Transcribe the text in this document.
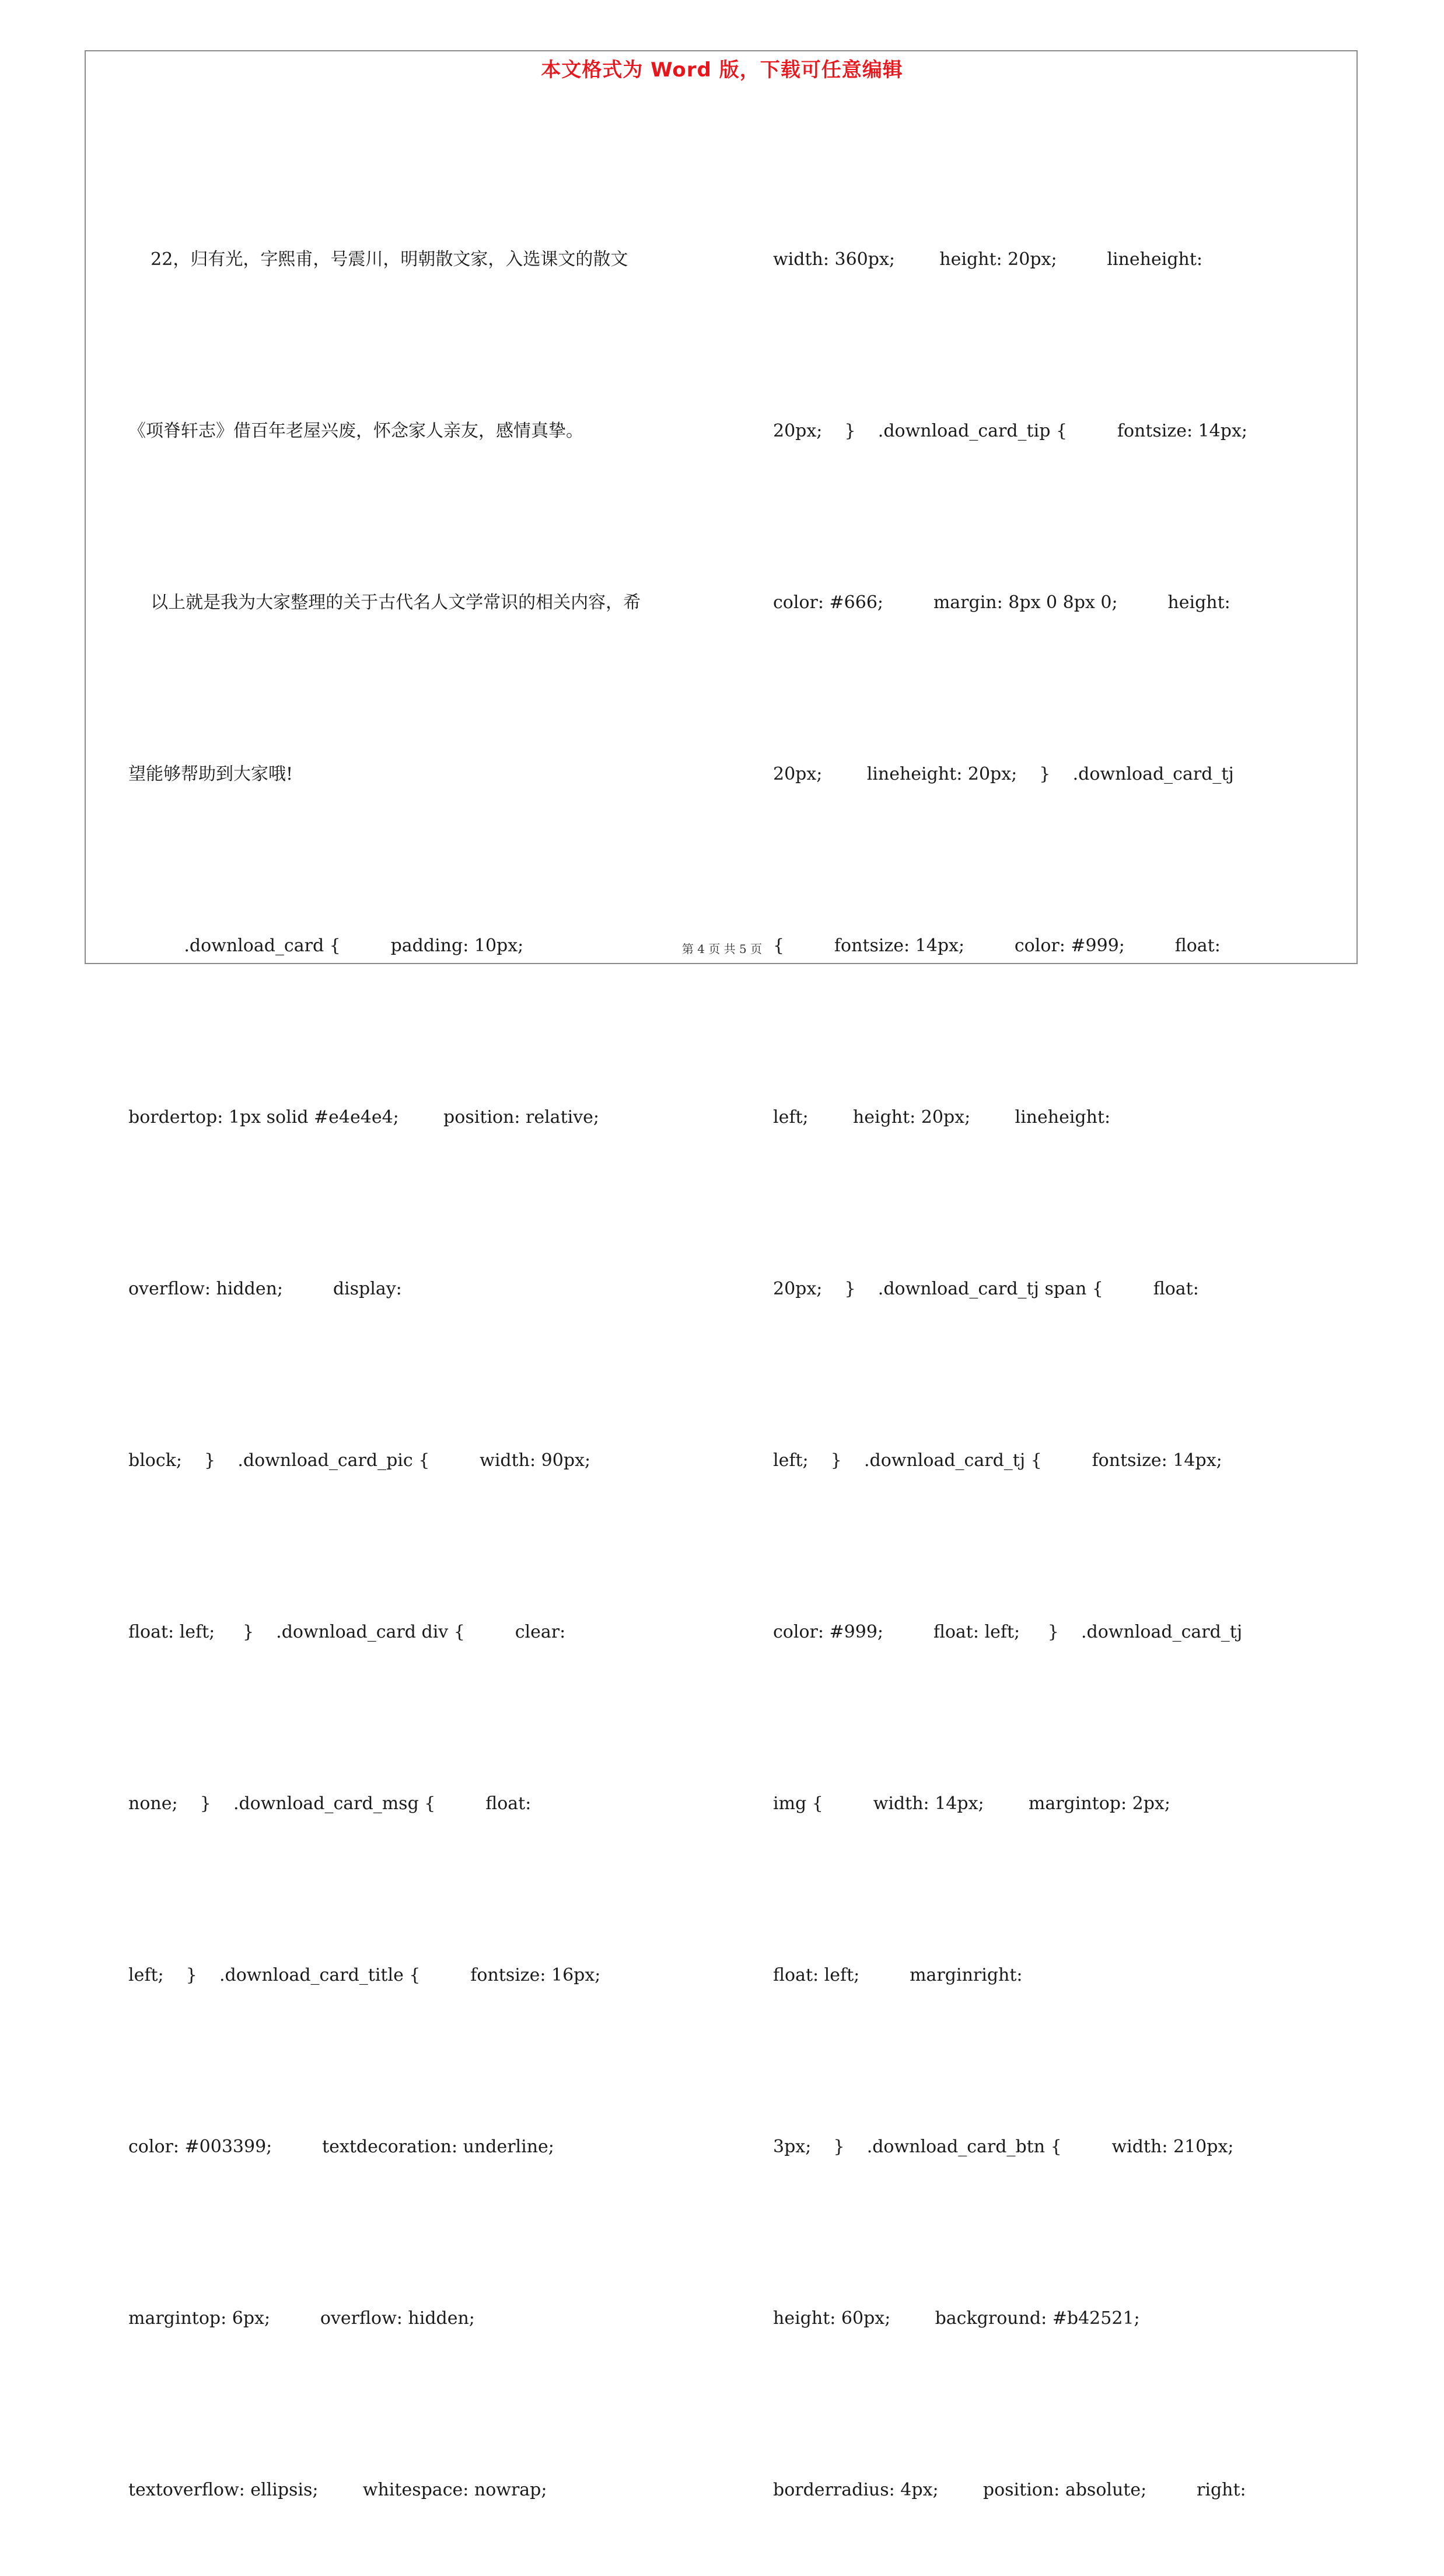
本文格式为 Word 版，下载可任意编辑

22，归有光，字熙甫，号震川，明朝散文家，入选课文的散文

《项脊轩志》借百年老屋兴废，怀念家人亲友，感情真挚。

以上就是我为大家整理的关于古代名人文学常识的相关内容，希

望能够帮助到大家哦!

.download_card {         padding: 10px;

bordertop: 1px solid #e4e4e4;        position: relative;

overflow: hidden;         display:

block;    }    .download_card_pic {         width: 90px;

float: left;     }    .download_card div {         clear:

none;    }    .download_card_msg {         float:

left;    }    .download_card_title {         fontsize: 16px;

color: #003399;         textdecoration: underline;

margintop: 6px;         overflow: hidden;

textoverflow: ellipsis;        whitespace: nowrap;

width: 360px;        height: 20px;         lineheight:

20px;    }    .download_card_tip {         fontsize: 14px;

color: #666;         margin: 8px 0 8px 0;         height:

20px;        lineheight: 20px;    }    .download_card_tj

{         fontsize: 14px;         color: #999;         float:

left;        height: 20px;        lineheight:

20px;    }    .download_card_tj span {         float:

left;    }    .download_card_tj {         fontsize: 14px;

color: #999;         float: left;     }    .download_card_tj

img {         width: 14px;        margintop: 2px;

float: left;         marginright:

3px;    }    .download_card_btn {         width: 210px;

height: 60px;        background: #b42521;

borderradius: 4px;        position: absolute;         right:

第 4 页 共 5 页
